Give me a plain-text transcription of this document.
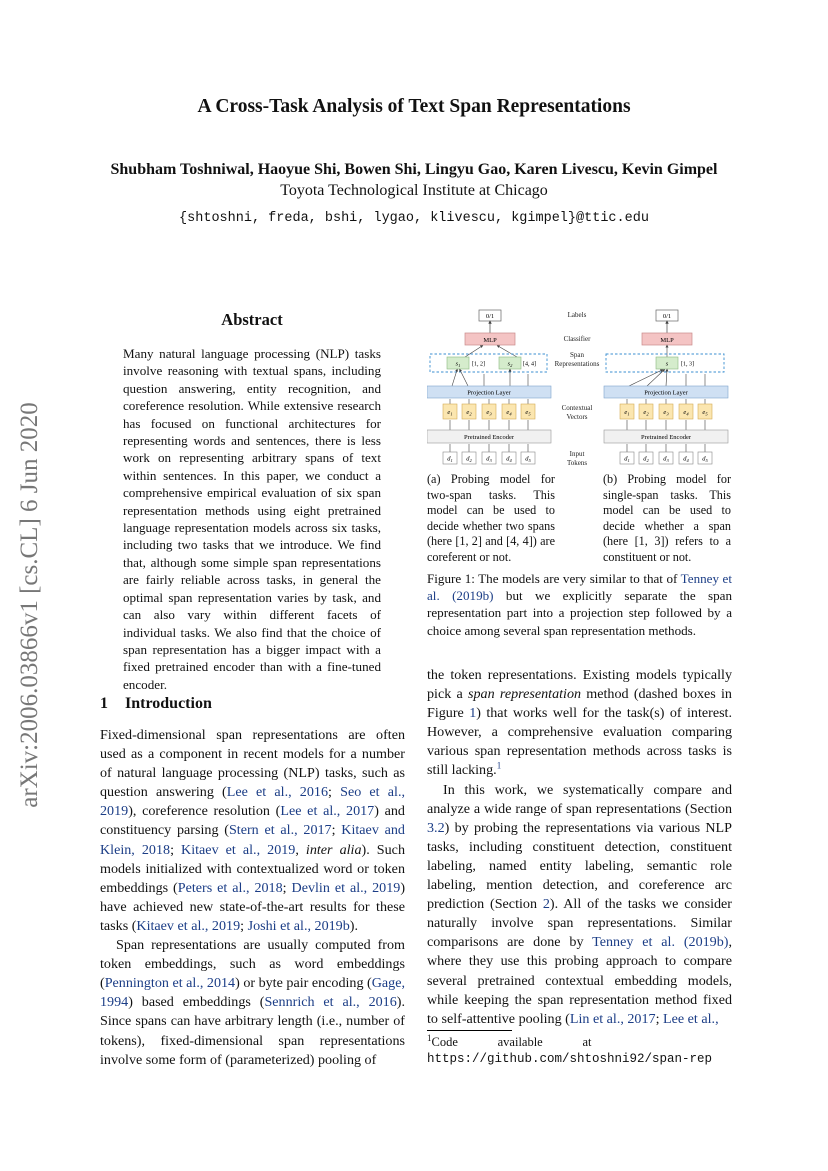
A Cross-Task Analysis of Text Span Representations
Shubham Toshniwal, Haoyue Shi, Bowen Shi, Lingyu Gao, Karen Livescu, Kevin Gimpel
Toyota Technological Institute at Chicago
{shtoshni, freda, bshi, lygao, klivescu, kgimpel}@ttic.edu
arXiv:2006.03866v1 [cs.CL] 6 Jun 2020
Abstract
Many natural language processing (NLP) tasks involve reasoning with textual spans, including question answering, entity recognition, and coreference resolution. While extensive research has focused on functional architectures for representing words and sentences, there is less work on representing arbitrary spans of text within sentences. In this paper, we conduct a comprehensive empirical evaluation of six span representation methods using eight pretrained language representation models across six tasks, including two tasks that we introduce. We find that, although some simple span representations are fairly reliable across tasks, in general the optimal span representation varies by task, and can also vary within different facets of individual tasks. We also find that the choice of span representation has a bigger impact with a fixed pretrained encoder than with a fine-tuned encoder.
1 Introduction

Fixed-dimensional span representations are often used as a component in recent models for a number of natural language processing (NLP) tasks, such as question answering (Lee et al., 2016; Seo et al., 2019), coreference resolution (Lee et al., 2017) and constituency parsing (Stern et al., 2017; Kitaev and Klein, 2018; Kitaev et al., 2019, inter alia). Such models initialized with contextualized word or token embeddings (Peters et al., 2018; Devlin et al., 2019) have achieved new state-of-the-art results for these tasks (Kitaev et al., 2019; Joshi et al., 2019b).

Span representations are usually computed from token embeddings, such as word embeddings (Pennington et al., 2014) or byte pair encoding (Gage, 1994) based embeddings (Sennrich et al., 2016). Since spans can have arbitrary length (i.e., number of tokens), fixed-dimensional span representations involve some form of (parameterized) pooling of

Labels
Classifier
Span
Representations
Contextual
Vectors
Input
Tokens
0/1
MLP
$s_1$ [1, 2]	$s_2$ [4, 4]
Projection Layer
$e_1$ $e_2$ $e_3$ $e_4$ $e_5$
Pretrained Encoder
$d_1$ $d_2$ $d_3$ $d_4$ $d_5$
0/1
MLP
s [1, 3]
Projection Layer
$e_1$ $e_2$ $e_3$ $e_4$ $e_5$
Pretrained Encoder
$d_1$ $d_2$ $d_3$ $d_4$ $d_5$
(a) Probing model for two-span tasks. This model can be used to decide whether two spans (here [1, 2] and [4, 4]) are coreferent or not.
(b) Probing model for single-span tasks. This model can be used to decide whether a span (here [1, 3]) refers to a constituent or not.
Figure 1: The models are very similar to that of Tenney et al. (2019b) but we explicitly separate the span representation part into a projection step followed by a choice among several span representation methods.

the token representations. Existing models typically pick a span representation method (dashed boxes in Figure 1) that works well for the task(s) of interest. However, a comprehensive evaluation comparing various span representation methods across tasks is still lacking.$^1$

In this work, we systematically compare and analyze a wide range of span representations (Section 3.2) by probing the representations via various NLP tasks, including constituent detection, constituent labeling, named entity labeling, semantic role labeling, mention detection, and coreference arc prediction (Section 2). All of the tasks we consider naturally involve span representations. Similar comparisons are done by Tenney et al. (2019b), where they use this probing approach to compare several pretrained contextual embedding models, while keeping the span representation method fixed to self-attentive pooling (Lin et al., 2017; Lee et al.,

$^1$Code available at https://github.com/shtoshni92/span-rep
